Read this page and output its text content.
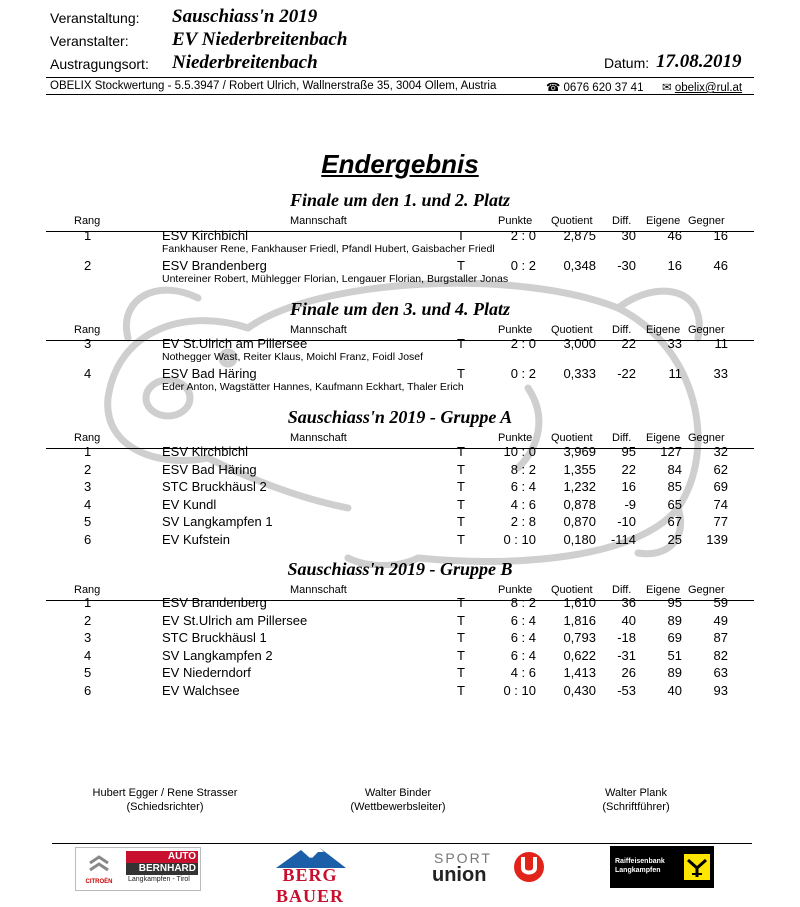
Veranstaltung: Sauschiass'n 2019
Veranstalter: EV Niederbreitenbach
Austragungsort: Niederbreitenbach	Datum: 17.08.2019
OBELIX Stockwertung - 5.5.3947 / Robert Ulrich, Wallnerstraße 35, 3004 Ollem, Austria	☎ 0676 620 37 41 ✉ obelix@rul.at
Endergebnis
Finale um den 1. und 2. Platz
Rang	Mannschaft	Punkte Quotient Diff. Eigene Gegner
1	ESV Kirchbichl	T	2 : 0	2,875	30	46	16
Fankhauser Rene, Fankhauser Friedl, Pfandl Hubert, Gaisbacher Friedl
2	ESV Brandenberg	T	0 : 2	0,348	-30	16	46
Untereiner Robert, Mühlegger Florian, Lengauer Florian, Burgstaller Jonas
Finale um den 3. und 4. Platz
Rang	Mannschaft	Punkte Quotient Diff. Eigene Gegner
3	EV St.Ulrich am Pillersee	T	2 : 0	3,000	22	33	11
Nothegger Wast, Reiter Klaus, Moichl Franz, Foidl Josef
4	ESV Bad Häring	T	0 : 2	0,333	-22	11	33
Eder Anton, Wagstätter Hannes, Kaufmann Eckhart, Thaler Erich
Sauschiass'n 2019 - Gruppe A
Rang	Mannschaft	Punkte Quotient Diff. Eigene Gegner
1	ESV Kirchbichl	T	10 : 0	3,969	95	127	32
2	ESV Bad Häring	T	8 : 2	1,355	22	84	62
3	STC Bruckhäusl 2	T	6 : 4	1,232	16	85	69
4	EV Kundl	T	4 : 6	0,878	-9	65	74
5	SV Langkampfen 1	T	2 : 8	0,870	-10	67	77
6	EV Kufstein	T	0 : 10	0,180	-114	25	139
Sauschiass'n 2019 - Gruppe B
Rang	Mannschaft	Punkte Quotient Diff. Eigene Gegner
1	ESV Brandenberg	T	8 : 2	1,610	36	95	59
2	EV St.Ulrich am Pillersee	T	6 : 4	1,816	40	89	49
3	STC Bruckhäusl 1	T	6 : 4	0,793	-18	69	87
4	SV Langkampfen 2	T	6 : 4	0,622	-31	51	82
5	EV Niederndorf	T	4 : 6	1,413	26	89	63
6	EV Walchsee	T	0 : 10	0,430	-53	40	93
Hubert Egger / Rene Strasser
(Schiedsrichter)
Walter Binder
(Wettbewerbsleiter)
Walter Plank
(Schriftführer)
CITROËN
AUTO
BERNHARD
Langkampfen - Tirol	BERG BAUER
SPORT
union
Raiffeisenbank
Langkampfen
